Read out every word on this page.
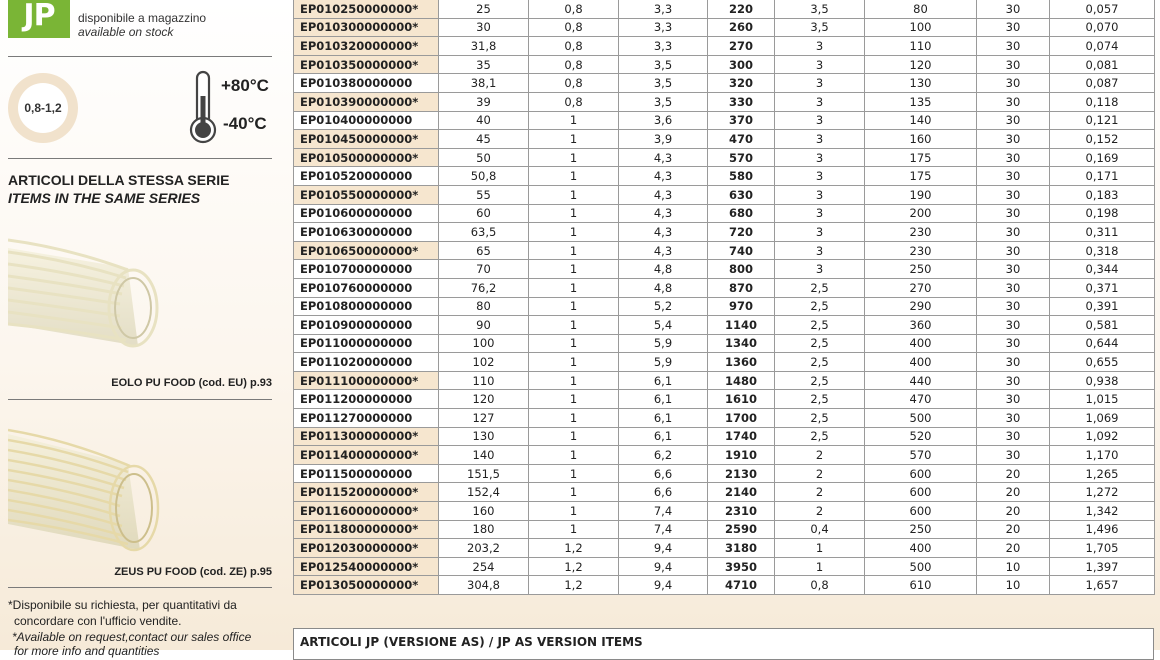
JP	disponibile a magazzino
available on stock
0,8-1,2
+80°C
-40°C
ARTICOLI DELLA STESSA SERIE
ITEMS IN THE SAME SERIES
EOLO PU FOOD (cod. EU) p.93
ZEUS PU FOOD (cod. ZE) p.95
*Disponibile su richiesta, per quantitativi da
concordare con l'ufficio vendite.
*Available on request,contact our sales office
for more info and quantities
EP010250000000*	25	0,8	3,3	220	3,5	80	30	0,057
EP010300000000*	30	0,8	3,3	260	3,5	100	30	0,070
EP010320000000*	31,8	0,8	3,3	270	3	110	30	0,074
EP010350000000*	35	0,8	3,5	300	3	120	30	0,081
EP010380000000	38,1	0,8	3,5	320	3	130	30	0,087
EP010390000000*	39	0,8	3,5	330	3	135	30	0,118
EP010400000000	40	1	3,6	370	3	140	30	0,121
EP010450000000*	45	1	3,9	470	3	160	30	0,152
EP010500000000*	50	1	4,3	570	3	175	30	0,169
EP010520000000	50,8	1	4,3	580	3	175	30	0,171
EP010550000000*	55	1	4,3	630	3	190	30	0,183
EP010600000000	60	1	4,3	680	3	200	30	0,198
EP010630000000	63,5	1	4,3	720	3	230	30	0,311
EP010650000000*	65	1	4,3	740	3	230	30	0,318
EP010700000000	70	1	4,8	800	3	250	30	0,344
EP010760000000	76,2	1	4,8	870	2,5	270	30	0,371
EP010800000000	80	1	5,2	970	2,5	290	30	0,391
EP010900000000	90	1	5,4	1140	2,5	360	30	0,581
EP011000000000	100	1	5,9	1340	2,5	400	30	0,644
EP011020000000	102	1	5,9	1360	2,5	400	30	0,655
EP011100000000*	110	1	6,1	1480	2,5	440	30	0,938
EP011200000000	120	1	6,1	1610	2,5	470	30	1,015
EP011270000000	127	1	6,1	1700	2,5	500	30	1,069
EP011300000000*	130	1	6,1	1740	2,5	520	30	1,092
EP011400000000*	140	1	6,2	1910	2	570	30	1,170
EP011500000000	151,5	1	6,6	2130	2	600	20	1,265
EP011520000000*	152,4	1	6,6	2140	2	600	20	1,272
EP011600000000*	160	1	7,4	2310	2	600	20	1,342
EP011800000000*	180	1	7,4	2590	0,4	250	20	1,496
EP012030000000*	203,2	1,2	9,4	3180	1	400	20	1,705
EP012540000000*	254	1,2	9,4	3950	1	500	10	1,397
EP013050000000*	304,8	1,2	9,4	4710	0,8	610	10	1,657
ARTICOLI JP (VERSIONE AS) / JP AS VERSION ITEMS
